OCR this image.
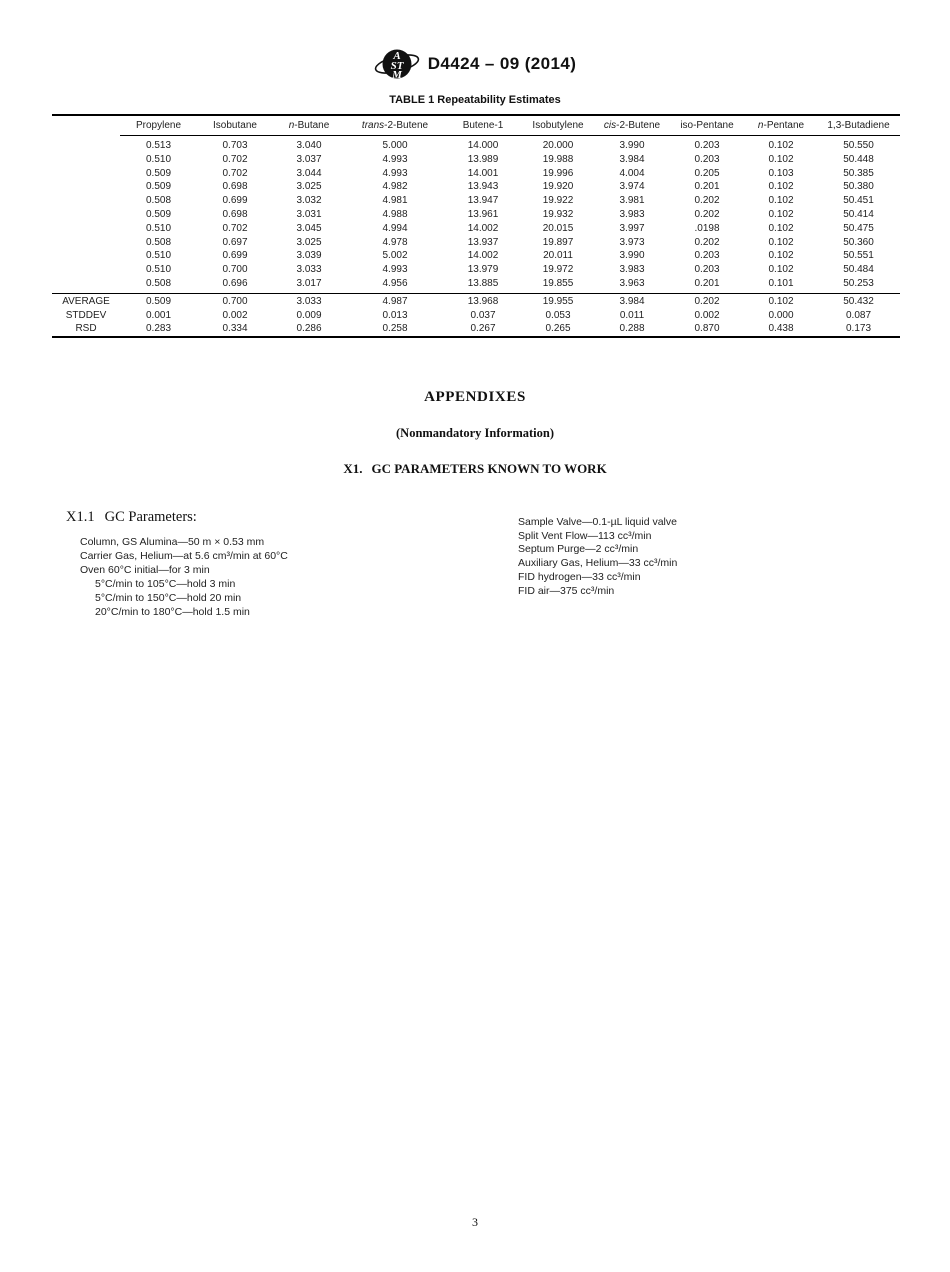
A
ST
M
D4424 – 09 (2014)
TABLE 1 Repeatability Estimates
	Propylene	Isobutane	n-Butane	trans-2-Butene	Butene-1	Isobutylene	cis-2-Butene	iso-Pentane	n-Pentane	1,3-Butadiene
	0.513	0.703	3.040	5.000	14.000	20.000	3.990	0.203	0.102	50.550
	0.510	0.702	3.037	4.993	13.989	19.988	3.984	0.203	0.102	50.448
	0.509	0.702	3.044	4.993	14.001	19.996	4.004	0.205	0.103	50.385
	0.509	0.698	3.025	4.982	13.943	19.920	3.974	0.201	0.102	50.380
	0.508	0.699	3.032	4.981	13.947	19.922	3.981	0.202	0.102	50.451
	0.509	0.698	3.031	4.988	13.961	19.932	3.983	0.202	0.102	50.414
	0.510	0.702	3.045	4.994	14.002	20.015	3.997	.0198	0.102	50.475
	0.508	0.697	3.025	4.978	13.937	19.897	3.973	0.202	0.102	50.360
	0.510	0.699	3.039	5.002	14.002	20.011	3.990	0.203	0.102	50.551
	0.510	0.700	3.033	4.993	13.979	19.972	3.983	0.203	0.102	50.484
	0.508	0.696	3.017	4.956	13.885	19.855	3.963	0.201	0.101	50.253
AVERAGE	0.509	0.700	3.033	4.987	13.968	19.955	3.984	0.202	0.102	50.432
STDDEV	0.001	0.002	0.009	0.013	0.037	0.053	0.011	0.002	0.000	0.087
RSD	0.283	0.334	0.286	0.258	0.267	0.265	0.288	0.870	0.438	0.173
APPENDIXES
(Nonmandatory Information)
X1. GC PARAMETERS KNOWN TO WORK
X1.1 GC Parameters:
Column, GS Alumina—50 m × 0.53 mm
Carrier Gas, Helium—at 5.6 cm³/min at 60°C
Oven 60°C initial—for 3 min
5°C/min to 105°C—hold 3 min
5°C/min to 150°C—hold 20 min
20°C/min to 180°C—hold 1.5 min
Sample Valve—0.1-µL liquid valve
Split Vent Flow—113 cc³/min
Septum Purge—2 cc³/min
Auxiliary Gas, Helium—33 cc³/min
FID hydrogen—33 cc³/min
FID air—375 cc³/min
3
